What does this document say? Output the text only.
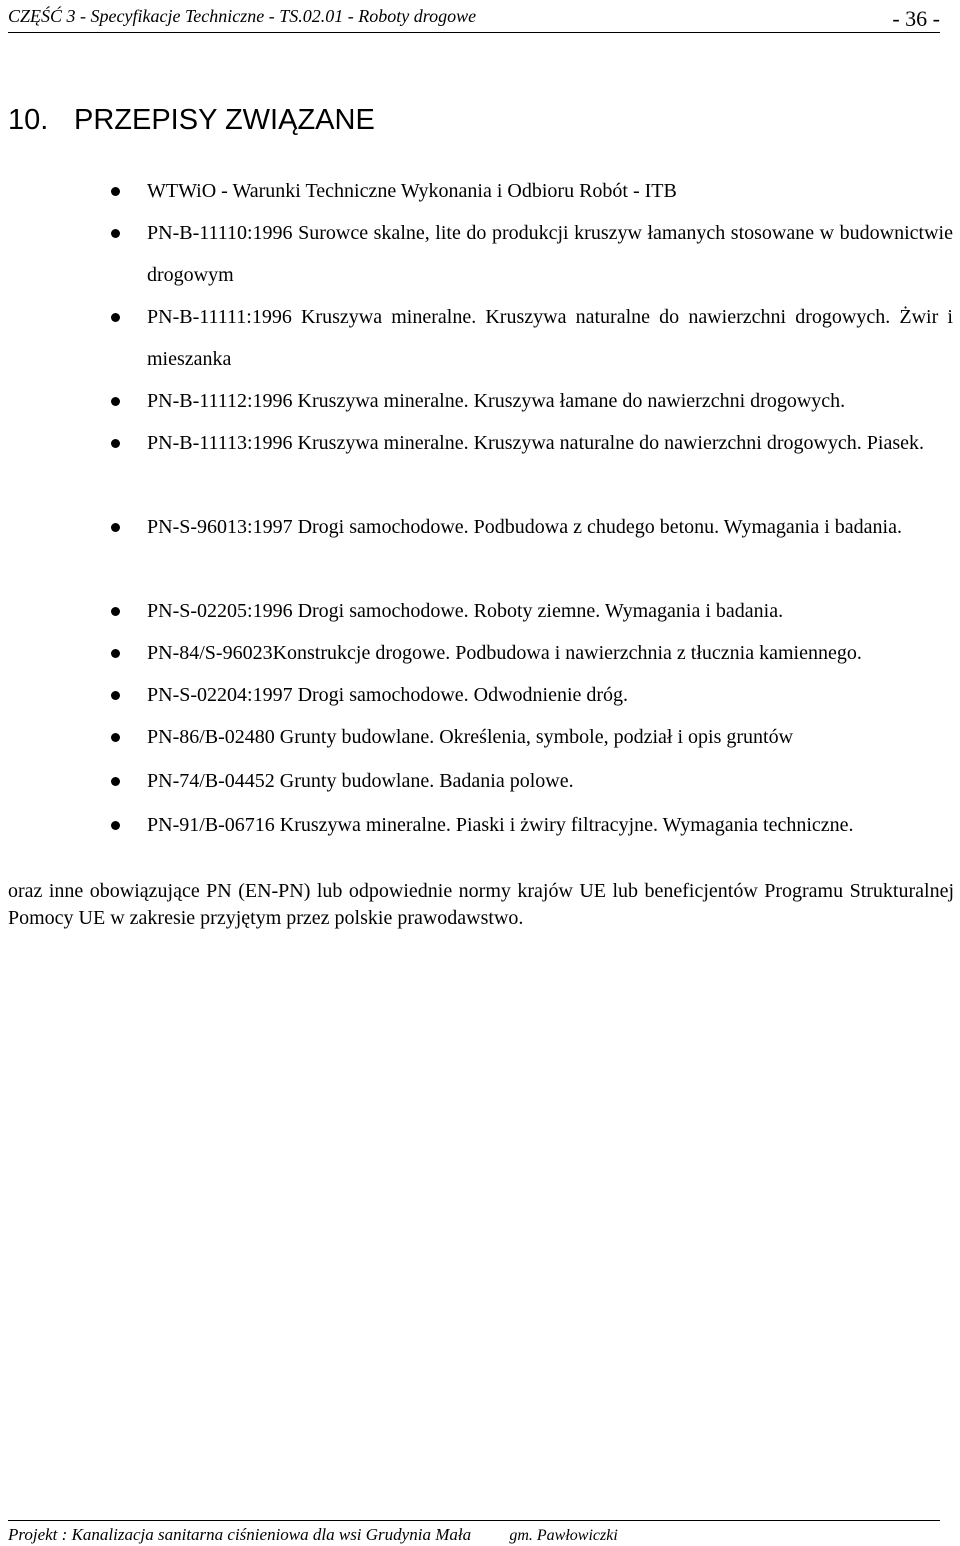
CZĘŚĆ 3 - Specyfikacje Techniczne - TS.02.01 - Roboty drogowe	- 36 -
10. PRZEPISY ZWIĄZANE
WTWiO - Warunki Techniczne Wykonania i Odbioru Robót - ITB
PN-B-11110:1996 Surowce skalne, lite do produkcji kruszyw łamanych stosowane w budownictwie drogowym
PN-B-11111:1996 Kruszywa mineralne. Kruszywa naturalne do nawierzchni drogowych. Żwir i mieszanka
PN-B-11112:1996 Kruszywa mineralne. Kruszywa łamane do nawierzchni drogowych.
PN-B-11113:1996 Kruszywa mineralne. Kruszywa naturalne do nawierzchni drogowych. Piasek.
PN-S-96013:1997 Drogi samochodowe. Podbudowa z chudego betonu. Wymagania i badania.
PN-S-02205:1996 Drogi samochodowe. Roboty ziemne. Wymagania i badania.
PN-84/S-96023Konstrukcje drogowe. Podbudowa i nawierzchnia z tłucznia kamiennego.
PN-S-02204:1997 Drogi samochodowe. Odwodnienie dróg.
PN-86/B-02480 Grunty budowlane. Określenia, symbole, podział i opis gruntów
PN-74/B-04452 Grunty budowlane. Badania polowe.
PN-91/B-06716 Kruszywa mineralne. Piaski i żwiry filtracyjne. Wymagania techniczne.

oraz inne obowiązujące PN (EN-PN) lub odpowiednie normy krajów UE lub beneficjentów Programu Strukturalnej Pomocy UE w zakresie przyjętym przez polskie prawodawstwo.

Projekt : Kanalizacja sanitarna ciśnieniowa dla wsi Grudynia Mała gm. Pawłowiczki
